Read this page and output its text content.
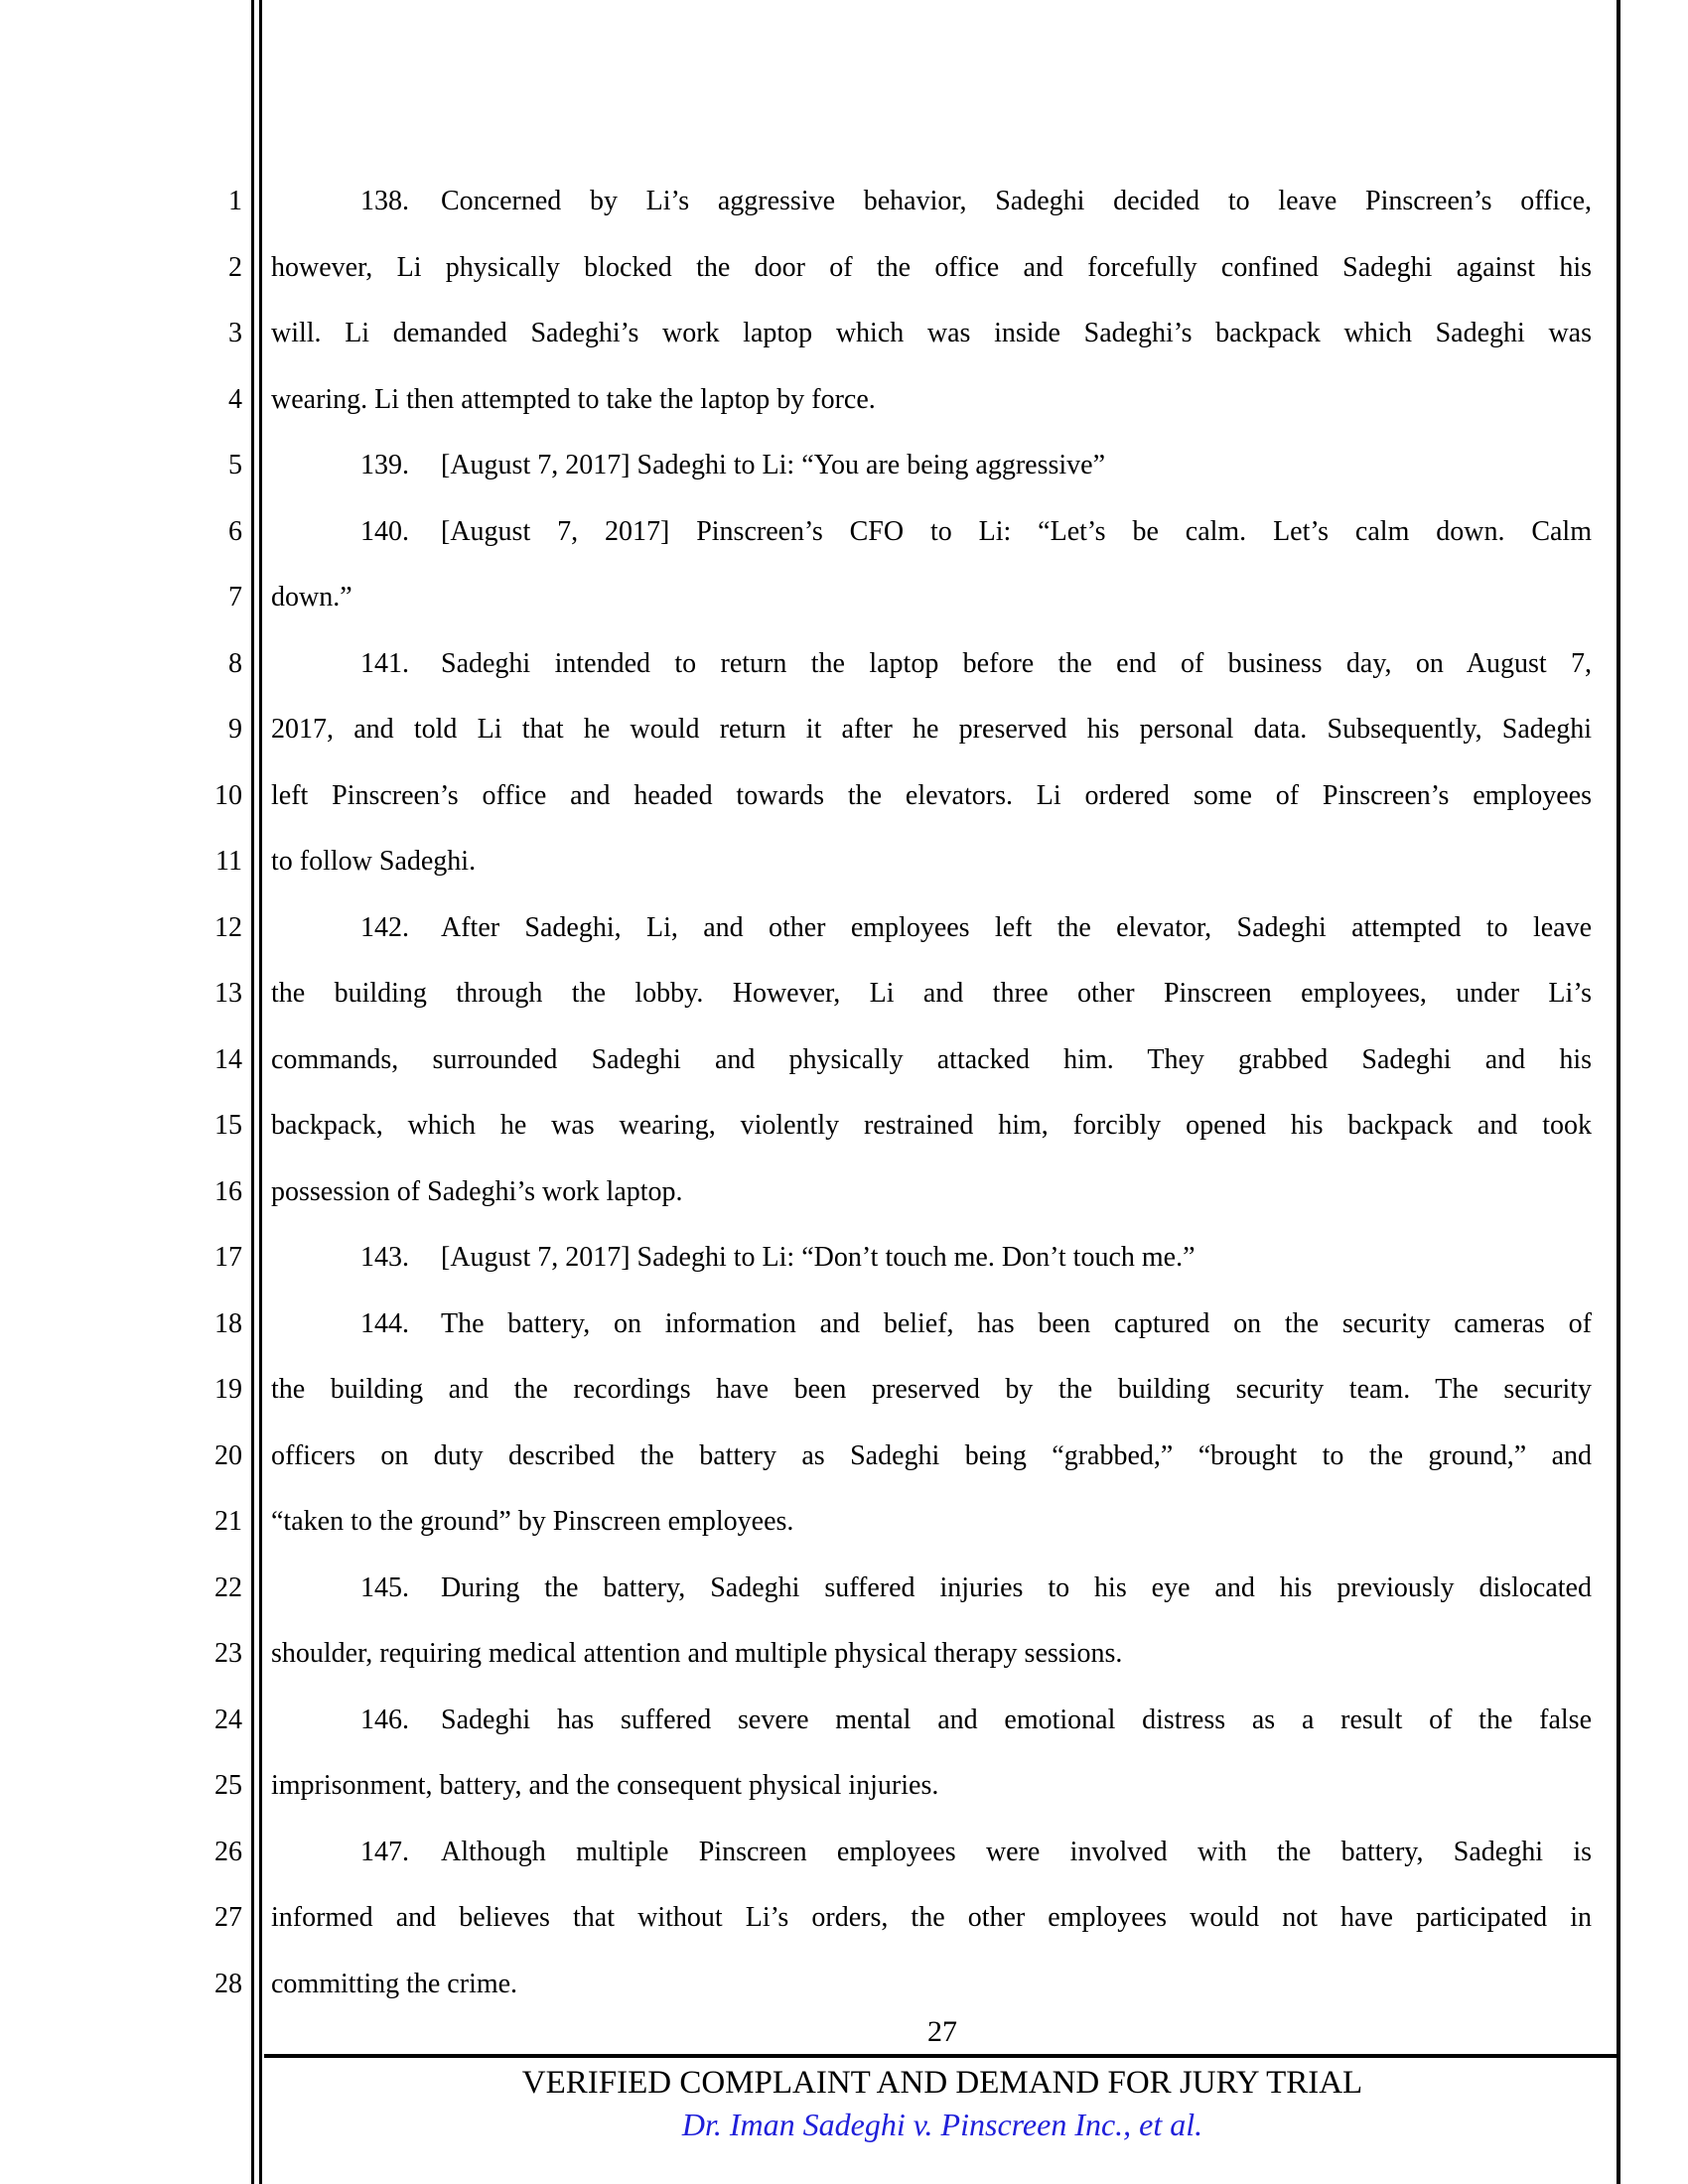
1	138. Concerned by Li’s aggressive behavior, Sadeghi decided to leave Pinscreen’s office,
2 however, Li physically blocked the door of the office and forcefully confined Sadeghi against his
3 will. Li demanded Sadeghi’s work laptop which was inside Sadeghi’s backpack which Sadeghi was
4 wearing. Li then attempted to take the laptop by force.
5	139. [August 7, 2017] Sadeghi to Li: “You are being aggressive”
6	140. [August 7, 2017] Pinscreen’s CFO to Li: “Let’s be calm. Let’s calm down. Calm
7 down.”
8	141. Sadeghi intended to return the laptop before the end of business day, on August 7,
9 2017, and told Li that he would return it after he preserved his personal data. Subsequently, Sadeghi
10 left Pinscreen’s office and headed towards the elevators. Li ordered some of Pinscreen’s employees
11 to follow Sadeghi.
12	142. After Sadeghi, Li, and other employees left the elevator, Sadeghi attempted to leave
13 the building through the lobby. However, Li and three other Pinscreen employees, under Li’s
14 commands, surrounded Sadeghi and physically attacked him. They grabbed Sadeghi and his
15 backpack, which he was wearing, violently restrained him, forcibly opened his backpack and took
16 possession of Sadeghi’s work laptop.
17	143. [August 7, 2017] Sadeghi to Li: “Don’t touch me. Don’t touch me.”
18	144. The battery, on information and belief, has been captured on the security cameras of
19 the building and the recordings have been preserved by the building security team. The security
20 officers on duty described the battery as Sadeghi being “grabbed,” “brought to the ground,” and
21 “taken to the ground” by Pinscreen employees.
22	145. During the battery, Sadeghi suffered injuries to his eye and his previously dislocated
23 shoulder, requiring medical attention and multiple physical therapy sessions.
24	146. Sadeghi has suffered severe mental and emotional distress as a result of the false
25 imprisonment, battery, and the consequent physical injuries.
26	147. Although multiple Pinscreen employees were involved with the battery, Sadeghi is
27 informed and believes that without Li’s orders, the other employees would not have participated in
28 committing the crime.
27
VERIFIED COMPLAINT AND DEMAND FOR JURY TRIAL
Dr. Iman Sadeghi v. Pinscreen Inc., et al.
